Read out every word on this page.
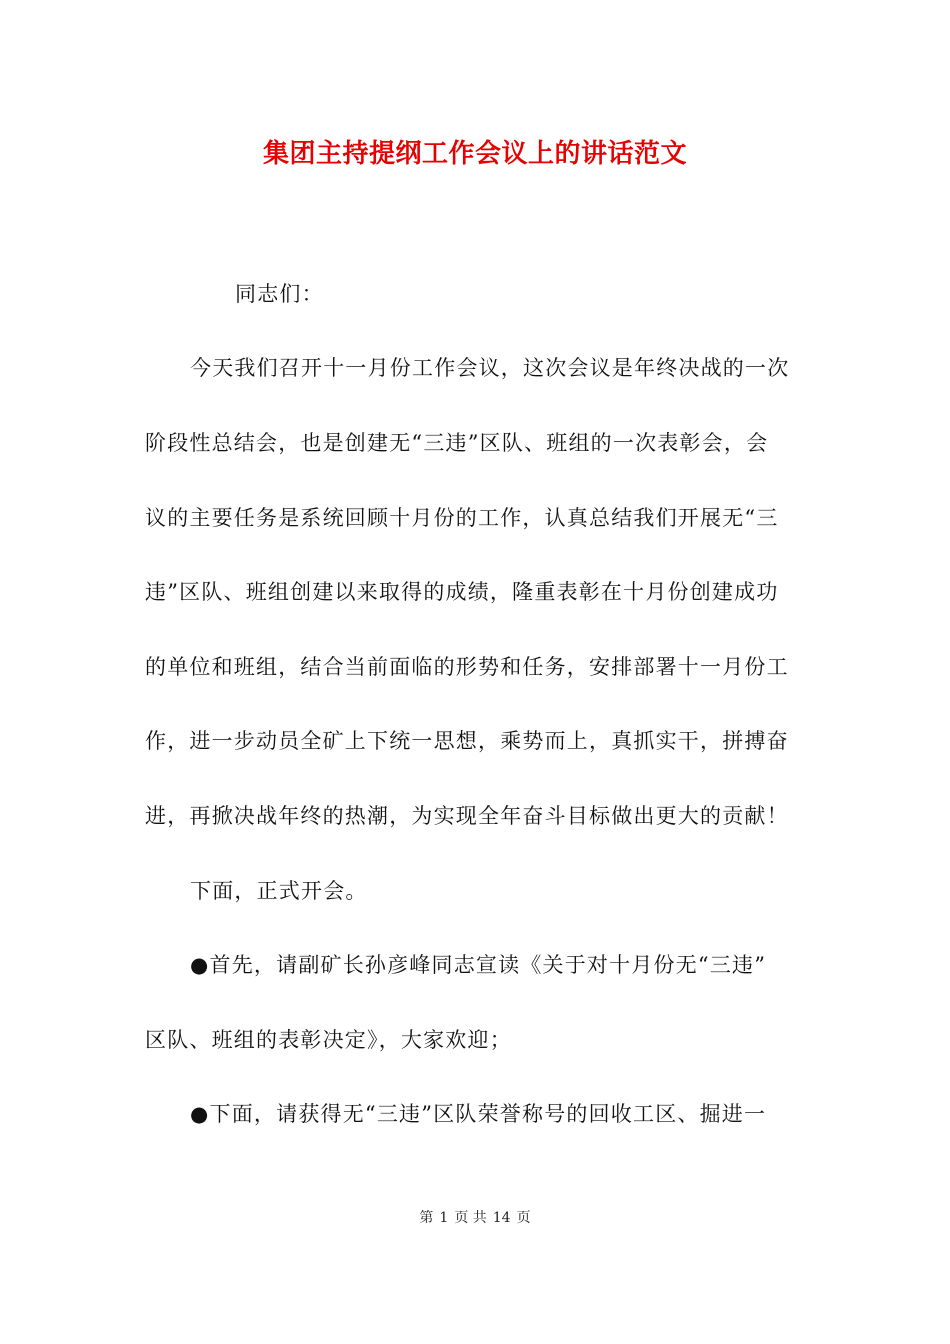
集团主持提纲工作会议上的讲话范文
同志们：
今天我们召开十一月份工作会议，这次会议是年终决战的一次
阶段性总结会，也是创建无“三违”区队、班组的一次表彰会，会
议的主要任务是系统回顾十月份的工作，认真总结我们开展无“三
违”区队、班组创建以来取得的成绩，隆重表彰在十月份创建成功
的单位和班组，结合当前面临的形势和任务，安排部署十一月份工
作，进一步动员全矿上下统一思想，乘势而上，真抓实干，拼搏奋
进，再掀决战年终的热潮，为实现全年奋斗目标做出更大的贡献！
下面，正式开会。
●首先，请副矿长孙彦峰同志宣读《关于对十月份无“三违”
区队、班组的表彰决定》，大家欢迎；
●下面，请获得无“三违”区队荣誉称号的回收工区、掘进一
第 1 页 共 14 页
